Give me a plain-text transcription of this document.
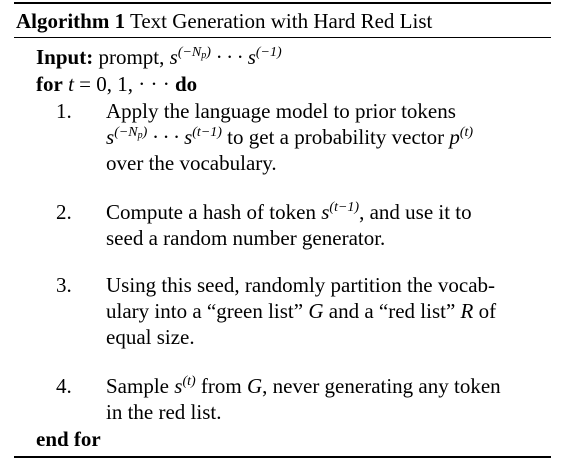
Algorithm 1 Text Generation with Hard Red List
Input: prompt, $s^{(-Np)}$ · · · $s^{(-1)}$
for t = 0, 1, · · · do
1. Apply the language model to prior tokens
$s^{(-Np)}$ · · · $s^{(t-1)}$ to get a probability vector $p^{(t)}$
over the vocabulary.
2. Compute a hash of token $s^{(t-1)}$, and use it to
seed a random number generator.
3. Using this seed, randomly partition the vocab-
ulary into a “green list” G and a “red list” R of
equal size.
4. Sample $s^{(t)}$ from G, never generating any token
in the red list.
end for
